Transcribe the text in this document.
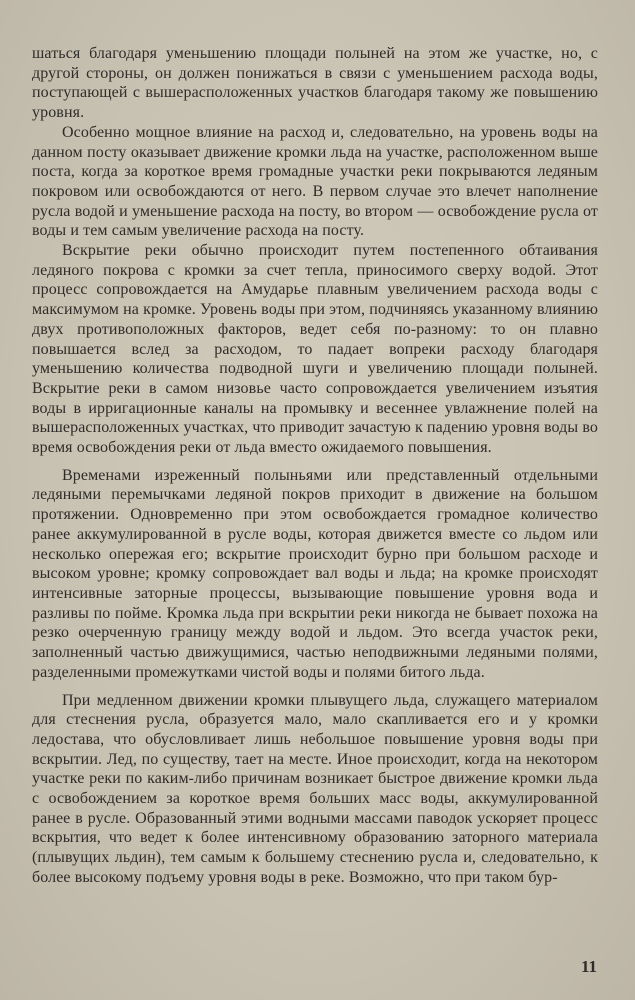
шаться благодаря уменьшению площади полыней на этом же участке, но, с другой стороны, он должен понижаться в связи с уменьшением расхода воды, поступающей с вышерасположенных участков благодаря такому же повышению уровня.

Особенно мощное влияние на расход и, следовательно, на уровень воды на данном посту оказывает движение кромки льда на участке, расположенном выше поста, когда за короткое время громадные участки реки покрываются ледяным покровом или освобождаются от него. В первом случае это влечет наполнение русла водой и уменьшение расхода на посту, во втором — освобождение русла от воды и тем самым увеличение расхода на посту.

Вскрытие реки обычно происходит путем постепенного обтаивания ледяного покрова с кромки за счет тепла, приносимого сверху водой. Этот процесс сопровождается на Амударье плавным увеличением расхода воды с максимумом на кромке. Уровень воды при этом, подчиняясь указанному влиянию двух противоположных факторов, ведет себя по-разному: то он плавно повышается вслед за расходом, то падает вопреки расходу благодаря уменьшению количества подводной шуги и увеличению площади полыней. Вскрытие реки в самом низовье часто сопровождается увеличением изъятия воды в ирригационные каналы на промывку и весеннее увлажнение полей на вышерасположенных участках, что приводит зачастую к падению уровня воды во время освобождения реки от льда вместо ожидаемого повышения.

Временами изреженный полыньями или представленный отдельными ледяными перемычками ледяной покров приходит в движение на большом протяжении. Одновременно при этом освобождается громадное количество ранее аккумулированной в русле воды, которая движется вместе со льдом или несколько опережая его; вскрытие происходит бурно при большом расходе и высоком уровне; кромку сопровождает вал воды и льда; на кромке происходят интенсивные заторные процессы, вызывающие повышение уровня вода и разливы по пойме. Кромка льда при вскрытии реки никогда не бывает похожа на резко очерченную границу между водой и льдом. Это всегда участок реки, заполненный частью движущимися, частью неподвижными ледяными полями, разделенными промежутками чистой воды и полями битого льда.

При медленном движении кромки плывущего льда, служащего материалом для стеснения русла, образуется мало, мало скапливается его и у кромки ледостава, что обусловливает лишь небольшое повышение уровня воды при вскрытии. Лед, по существу, тает на месте. Иное происходит, когда на некотором участке реки по каким-либо причинам возникает быстрое движение кромки льда с освобождением за короткое время больших масс воды, аккумулированной ранее в русле. Образованный этими водными массами паводок ускоряет процесс вскрытия, что ведет к более интенсивному образованию заторного материала (плывущих льдин), тем самым к большему стеснению русла и, следовательно, к более высокому подъему уровня воды в реке. Возможно, что при таком бур-

11
